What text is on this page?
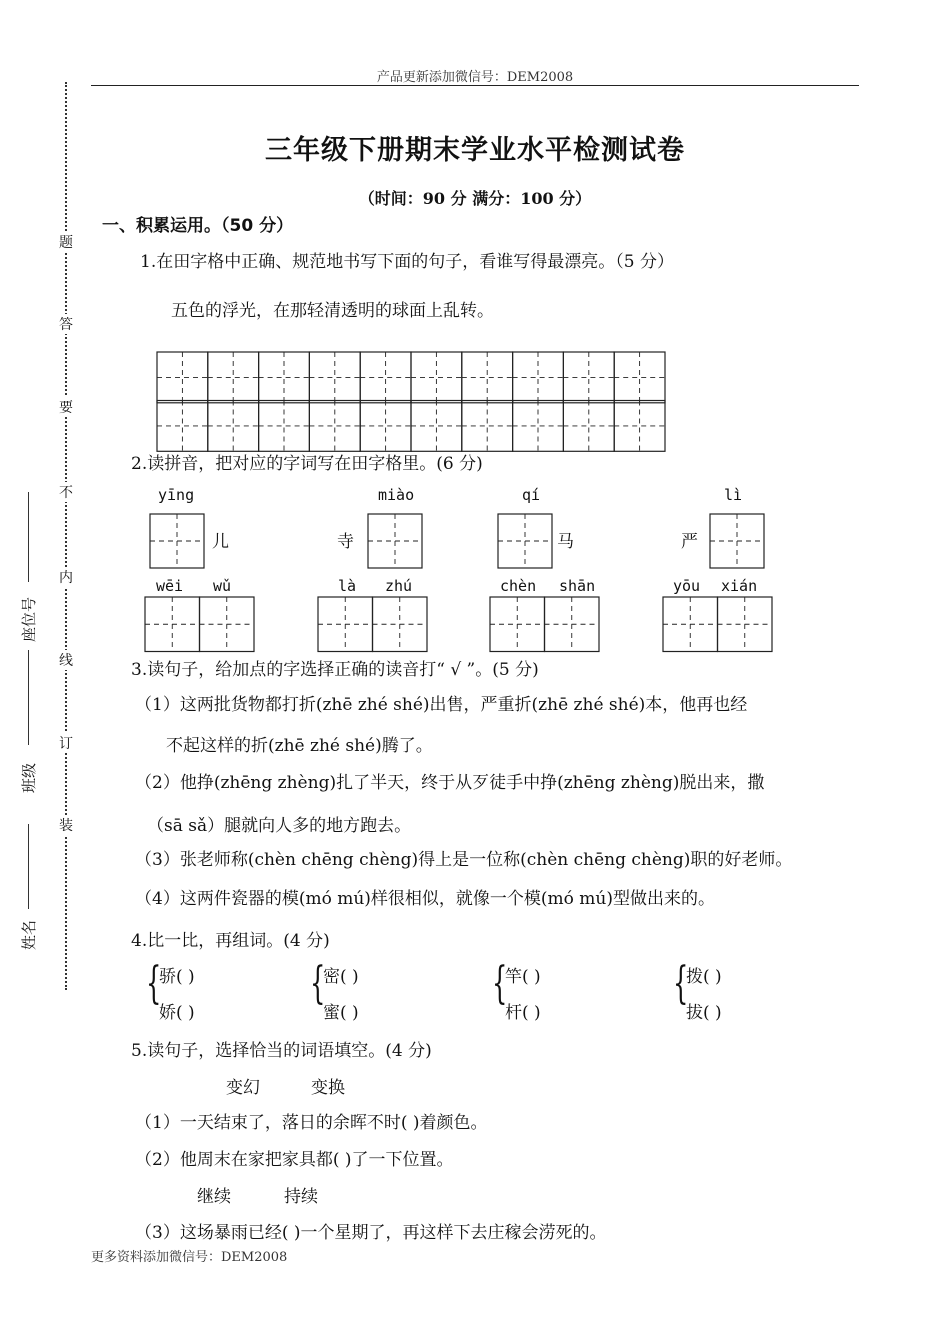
产品更新添加微信号：DEM2008
更多资料添加微信号：DEM2008
题
答
要
不
内
线
订
装
座位号
班级
姓名
三年级下册期末学业水平检测试卷
（时间：90 分 满分：100 分）
一、积累运用。（50 分）
1.在田字格中正确、规范地书写下面的句子，看谁写得最漂亮。（5 分）
五色的浮光，在那轻清透明的球面上乱转。
2.读拼音，把对应的字词写在田字格里。(6 分)
yīng	miào	qí	lì
儿	寺	马	严
wēi wǔ	là zhú	chèn shān	yōu xián
3.读句子，给加点的字选择正确的读音打“ √ ”。(5 分)
（1）这两批货物都打折(zhē zhé shé)出售，严重折(zhē zhé shé)本，他再也经
不起这样的折(zhē zhé shé)腾了。
（2）他挣(zhēng zhèng)扎了半天，终于从歹徒手中挣(zhēng zhèng)脱出来，撒
（sā sǎ）腿就向人多的地方跑去。
（3）张老师称(chèn chēng chèng)得上是一位称(chèn chēng chèng)职的好老师。
（4）这两件瓷器的模(mó mú)样很相似，就像一个模(mó mú)型做出来的。
4.比一比，再组词。(4 分)
{
骄( )
娇( )
{
密( )
蜜( )
{
竿( )
杆( )
{
拨( )
拔( )
5.读句子，选择恰当的词语填空。(4 分)
变幻	变换
（1）一天结束了，落日的余晖不时( )着颜色。
（2）他周末在家把家具都( )了一下位置。
继续	持续
（3）这场暴雨已经( )一个星期了，再这样下去庄稼会涝死的。
